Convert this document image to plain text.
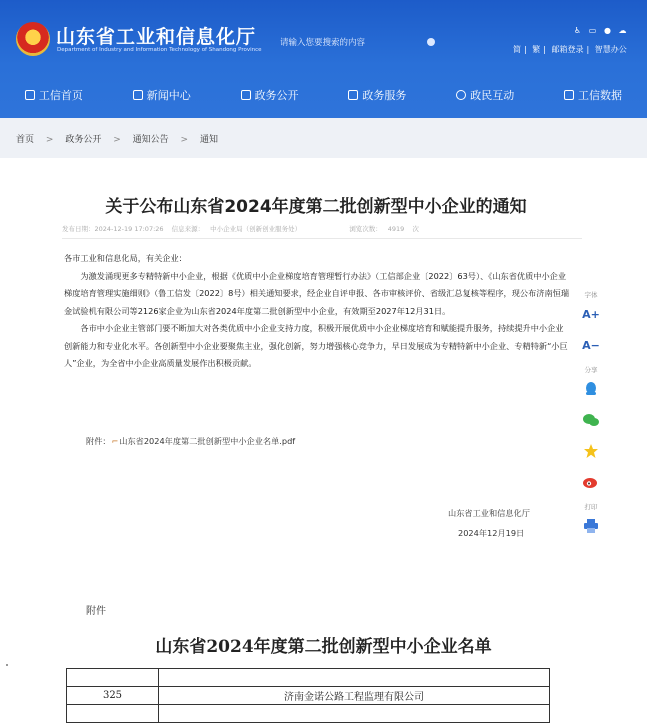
山东省工业和信息化厅
Department of Industry and Information Technology of Shandong Province
请输入您要搜索的内容
♿ ▭ ● ☁
简 | 繁 | 邮箱登录 | 智慧办公
工信首页	新闻中心	政务公开	政务服务	政民互动	工信数据
首页 > 政务公开 > 通知公告 > 通知
关于公布山东省2024年度第二批创新型中小企业的通知
发布日期：2024-12-19 17:07:26 信息来源： 中小企业局（创新创业服务处）	浏览次数： 4919 次

各市工业和信息化局，有关企业：

为激发涌现更多专精特新中小企业，根据《优质中小企业梯度培育管理暂行办法》（工信部企业〔2022〕63号）、《山东省优质中小企业梯度培育管理实施细则》（鲁工信发〔2022〕8号）相关通知要求，经企业自评申报、各市审核评价、省级汇总复核等程序，现公布济南恒瑞金试验机有限公司等2126家企业为山东省2024年度第二批创新型中小企业，有效期至2027年12月31日。

各市中小企业主管部门要不断加大对各类优质中小企业支持力度，积极开展优质中小企业梯度培育和赋能提升服务，持续提升中小企业创新能力和专业化水平。各创新型中小企业要聚焦主业，强化创新，努力增强核心竞争力，早日发展成为专精特新中小企业、专精特新“小巨人”企业，为全省中小企业高质量发展作出积极贡献。

附件：⌐山东省2024年度第二批创新型中小企业名单.pdf
山东省工业和信息化厅
2024年12月19日
字体
A+
A−
分享
打印
附件
山东省2024年度第二批创新型中小企业名单

325	济南金诺公路工程监理有限公司
